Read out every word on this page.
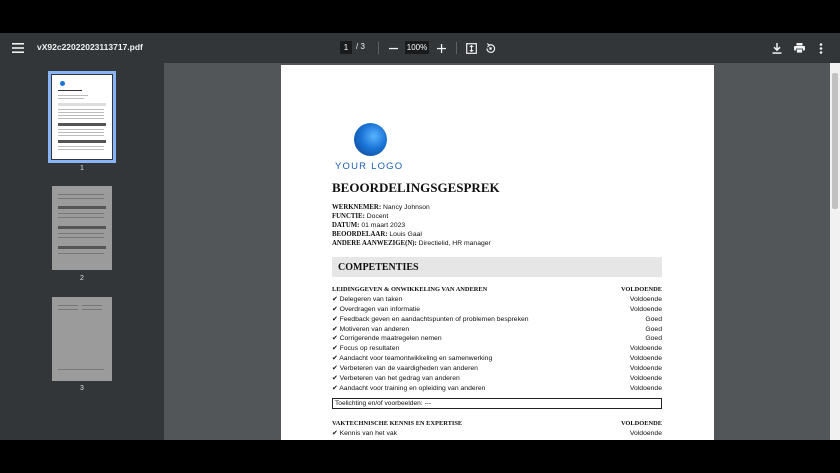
vX92c22022023113717.pdf	1 / 3	100%
1
2
3
YOUR LOGO
BEOORDELINGSGESPREK
WERKNEMER: Nancy Johnson
FUNCTIE: Docent
DATUM: 01 maart 2023
BEOORDELAAR: Louis Gaal
ANDERE AANWEZIGE(N): Directielid, HR manager
COMPETENTIES
LEIDINGGEVEN & ONWIKKELING VAN ANDEREN	VOLDOENDE
✔ Delegeren van taken	Voldoende
✔ Overdragen van informatie	Voldoende
✔ Feedback geven en aandachtspunten of problemen bespreken	Goed
✔ Motiveren van anderen	Goed
✔ Corrigerende maatregelen nemen	Goed
✔ Focus op resultaten	Voldoende
✔ Aandacht voor teamontwikkeling en samenwerking	Voldoende
✔ Verbeteren van de vaardigheden van anderen	Voldoende
✔ Verbeteren van het gedrag van anderen	Voldoende
✔ Aandacht voor training en opleiding van anderen	Voldoende
Toelichting en/of voorbeelden: ---
VAKTECHNISCHE KENNIS EN EXPERTISE	VOLDOENDE
✔ Kennis van het vak	Voldoende
